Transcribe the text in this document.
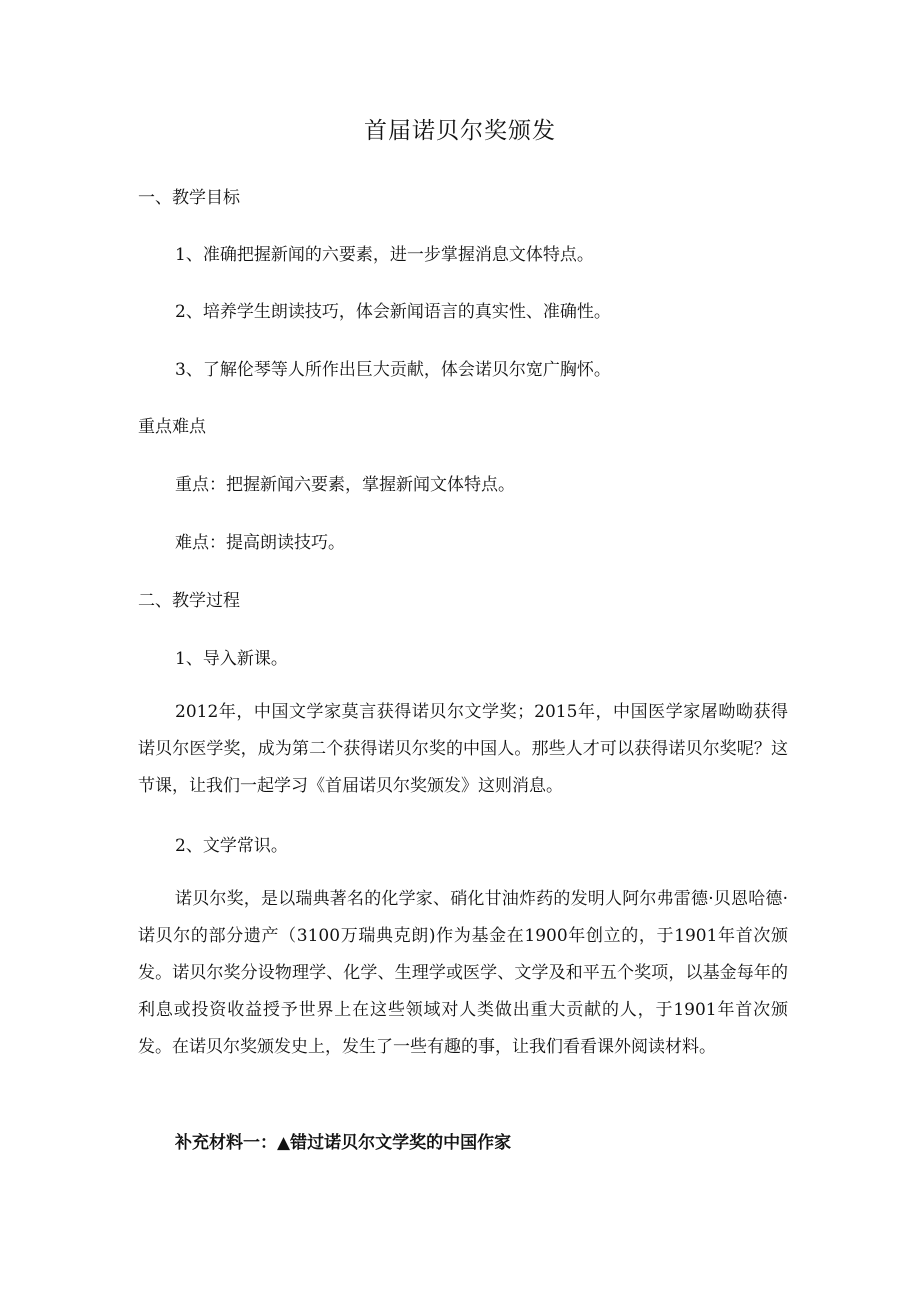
首届诺贝尔奖颁发
一、教学目标
1、准确把握新闻的六要素，进一步掌握消息文体特点。
2、培养学生朗读技巧，体会新闻语言的真实性、准确性。
3、了解伦琴等人所作出巨大贡献，体会诺贝尔宽广胸怀。
重点难点
重点：把握新闻六要素，掌握新闻文体特点。
难点：提高朗读技巧。
二、教学过程
1、导入新课。
2012年，中国文学家莫言获得诺贝尔文学奖；2015年，中国医学家屠呦呦获得诺贝尔医学奖，成为第二个获得诺贝尔奖的中国人。那些人才可以获得诺贝尔奖呢？这节课，让我们一起学习《首届诺贝尔奖颁发》这则消息。
2、文学常识。
诺贝尔奖，是以瑞典著名的化学家、硝化甘油炸药的发明人阿尔弗雷德·贝恩哈德·诺贝尔的部分遗产（3100万瑞典克朗)作为基金在1900年创立的，于1901年首次颁发。诺贝尔奖分设物理学、化学、生理学或医学、文学及和平五个奖项，以基金每年的利息或投资收益授予世界上在这些领域对人类做出重大贡献的人，于1901年首次颁发。在诺贝尔奖颁发史上，发生了一些有趣的事，让我们看看课外阅读材料。
补充材料一：▲错过诺贝尔文学奖的中国作家
